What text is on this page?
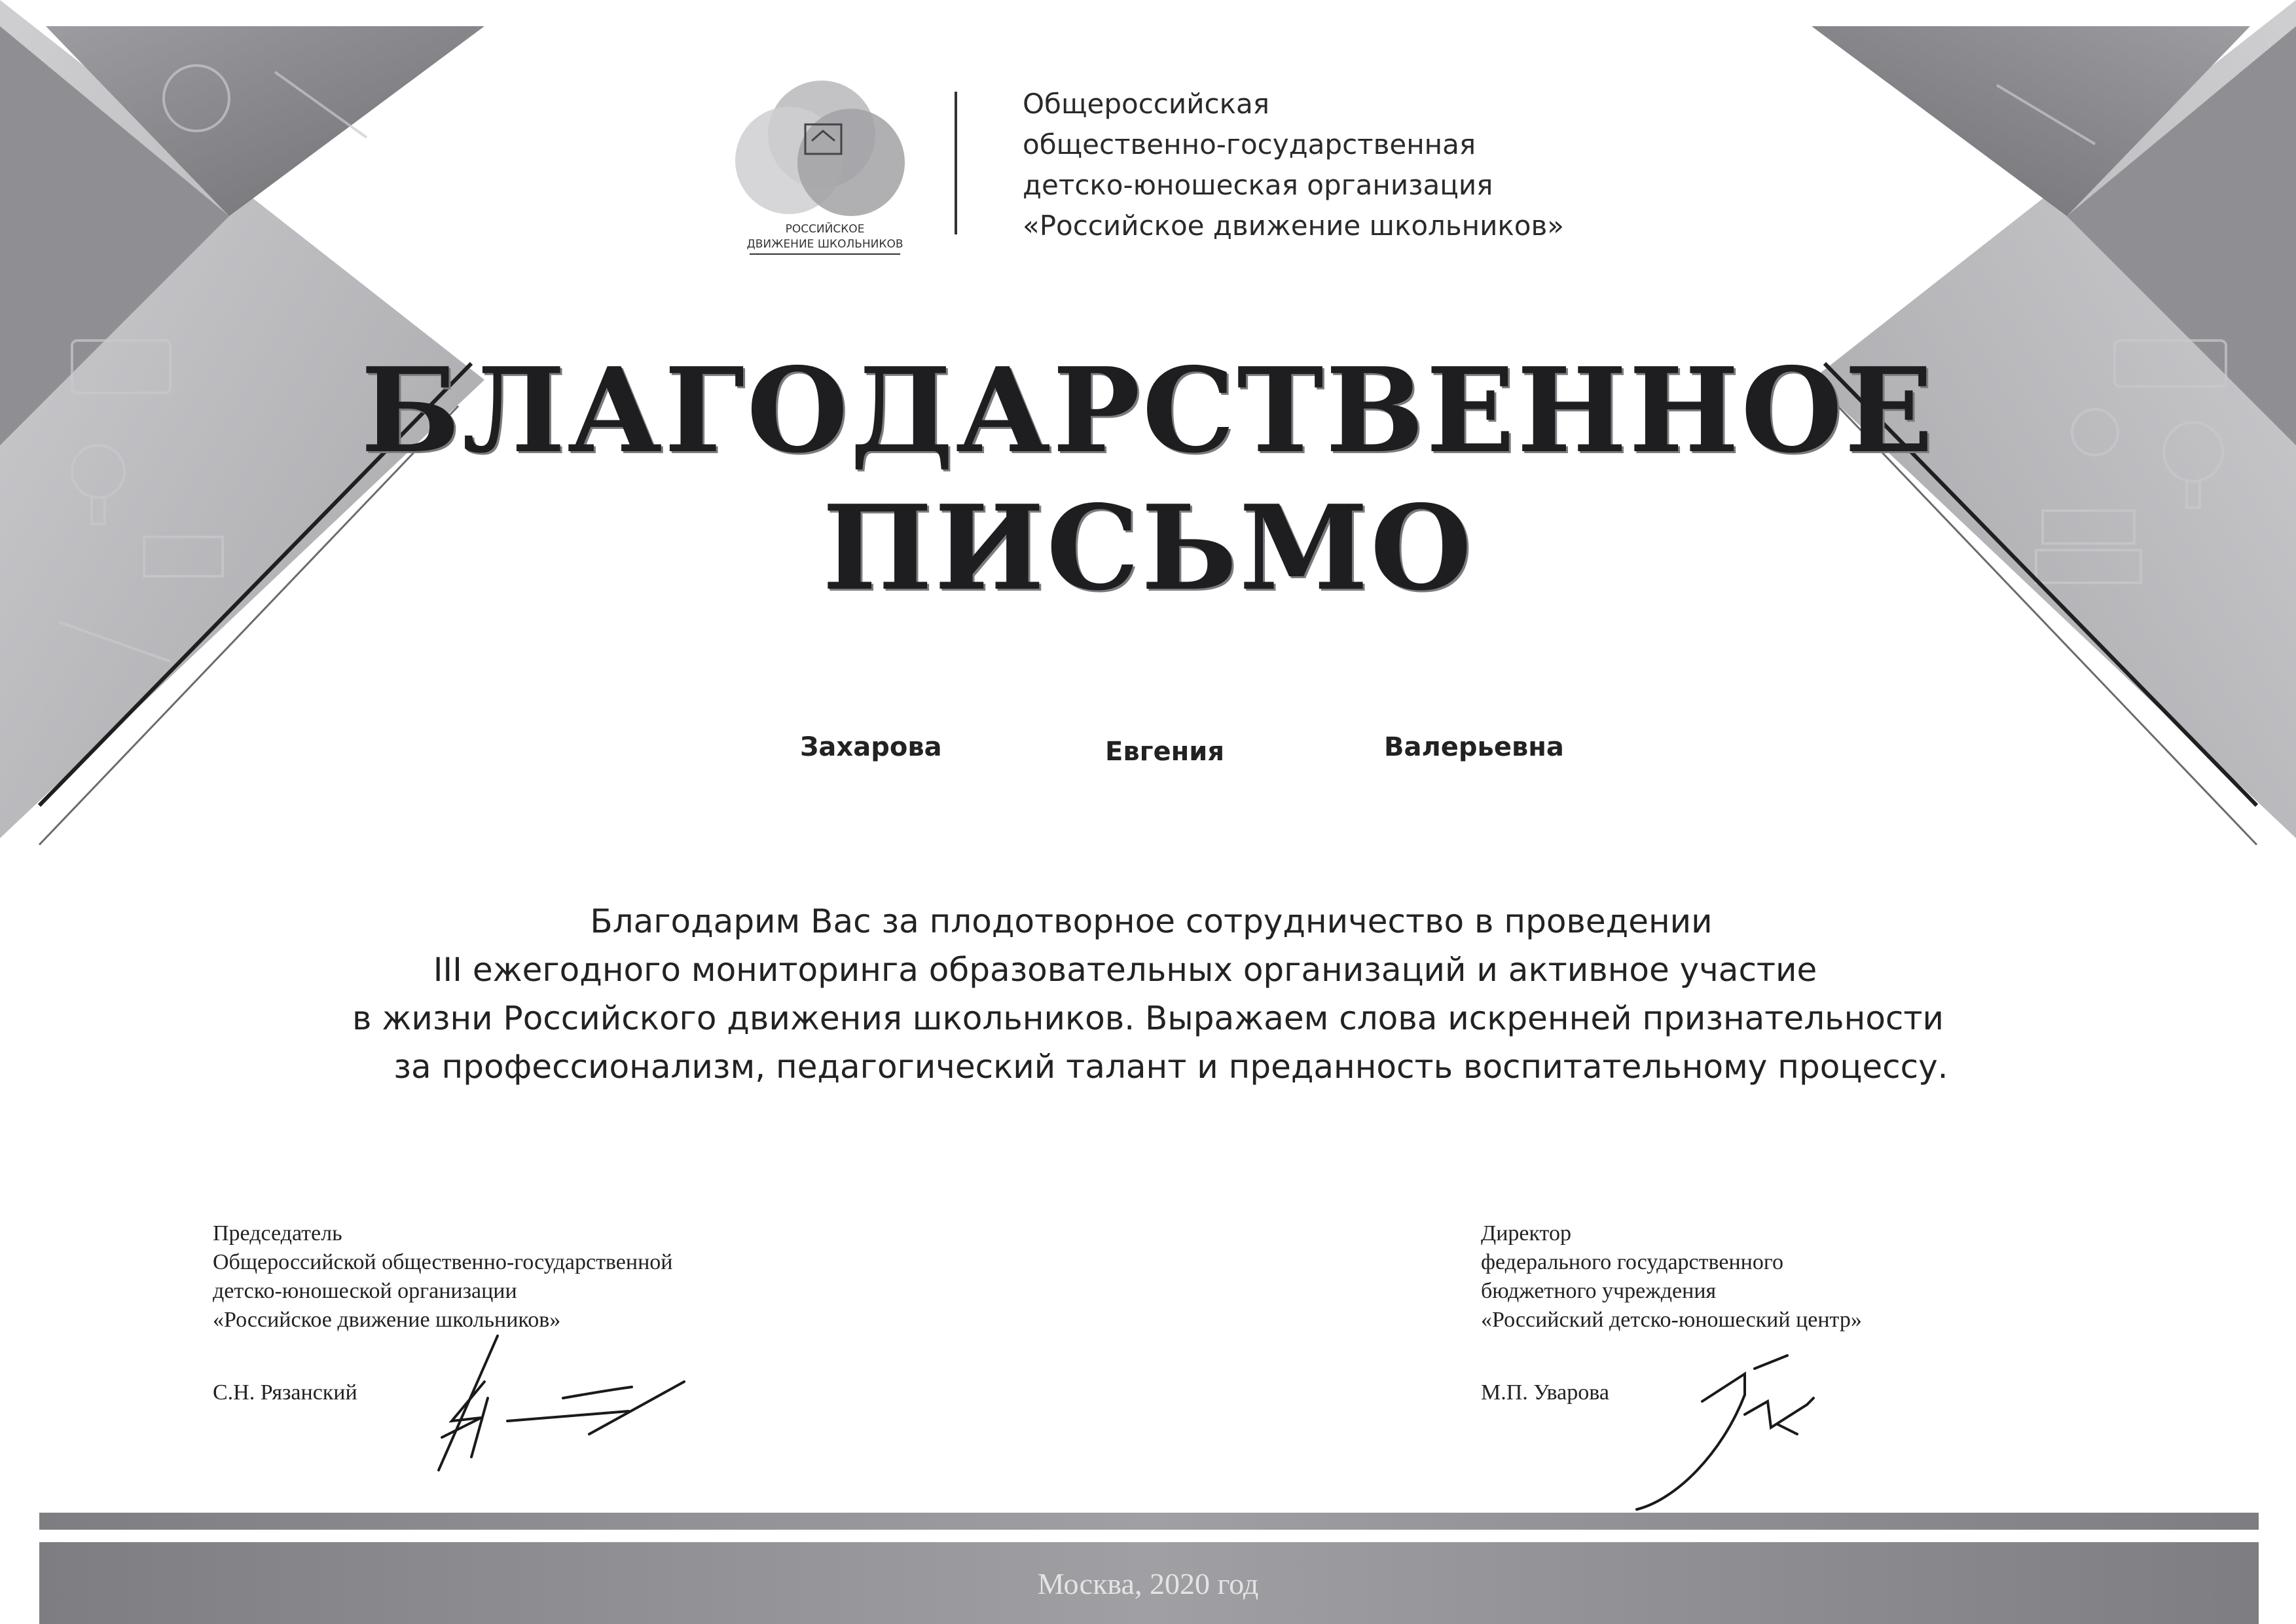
РОССИЙСКОЕ
ДВИЖЕНИЕ ШКОЛЬНИКОВ
Общероссийская
общественно-государственная
детско-юношеская организация
«Российское движение школьников»
БЛАГОДАРСТВЕННОЕ
ПИСЬМО
Захарова	Евгения	Валерьевна
Благодарим Вас за плодотворное сотрудничество в проведении
III ежегодного мониторинга образовательных организаций и активное участие
в жизни Российского движения школьников. Выражаем слова искренней признательности
за профессионализм, педагогический талант и преданность воспитательному процессу.
Председатель
Общероссийской общественно-государственной
детско-юношеской организации
«Российское движение школьников»
С.Н. Рязанский
Директор
федерального государственного
бюджетного учреждения
«Российский детско-юношеский центр»
М.П. Уварова
Москва, 2020 год
